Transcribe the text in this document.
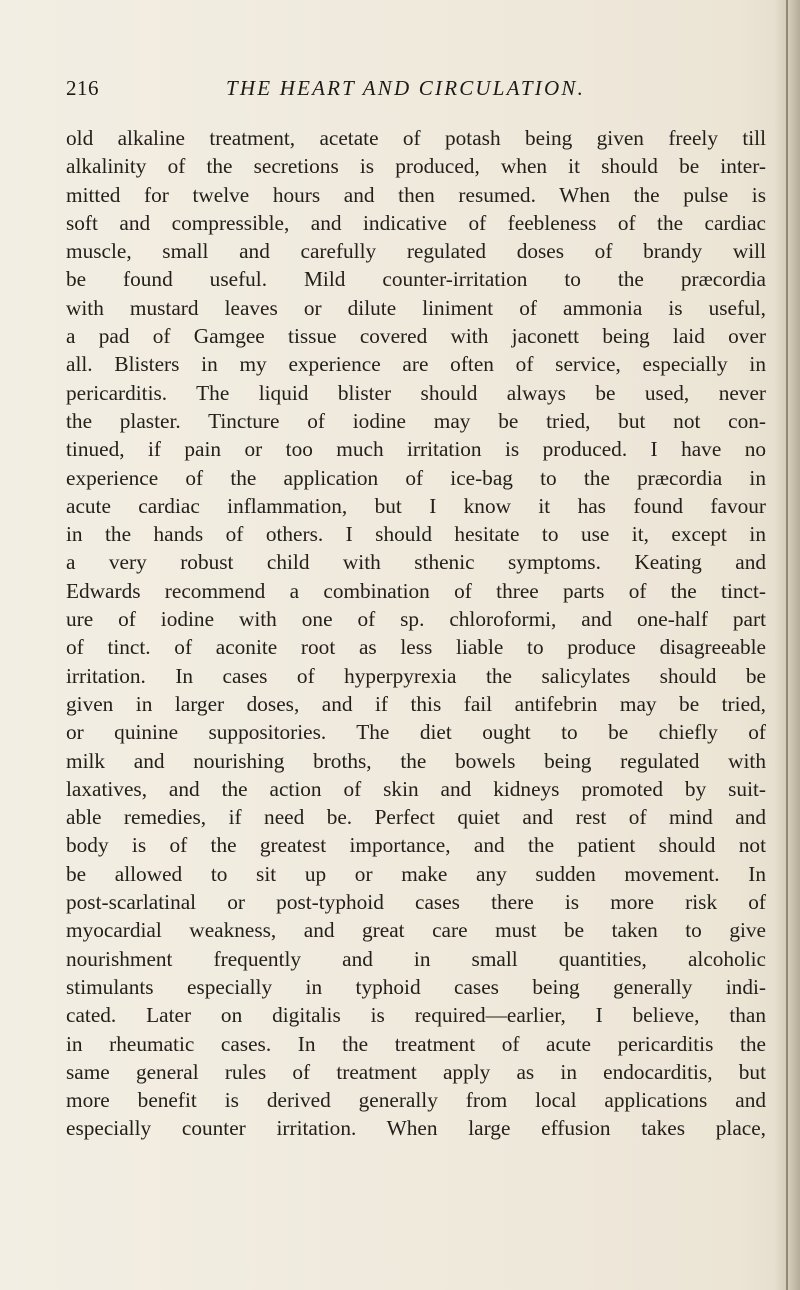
216	THE HEART AND CIRCULATION.
old alkaline treatment, acetate of potash being given freely till
alkalinity of the secretions is produced, when it should be inter-
mitted for twelve hours and then resumed. When the pulse is
soft and compressible, and indicative of feebleness of the cardiac
muscle, small and carefully regulated doses of brandy will
be found useful. Mild counter-irritation to the præcordia
with mustard leaves or dilute liniment of ammonia is useful,
a pad of Gamgee tissue covered with jaconett being laid over
all. Blisters in my experience are often of service, especially in
pericarditis. The liquid blister should always be used, never
the plaster. Tincture of iodine may be tried, but not con-
tinued, if pain or too much irritation is produced. I have no
experience of the application of ice-bag to the præcordia in
acute cardiac inflammation, but I know it has found favour
in the hands of others. I should hesitate to use it, except in
a very robust child with sthenic symptoms. Keating and
Edwards recommend a combination of three parts of the tinct-
ure of iodine with one of sp. chloroformi, and one-half part
of tinct. of aconite root as less liable to produce disagreeable
irritation. In cases of hyperpyrexia the salicylates should be
given in larger doses, and if this fail antifebrin may be tried,
or quinine suppositories. The diet ought to be chiefly of
milk and nourishing broths, the bowels being regulated with
laxatives, and the action of skin and kidneys promoted by suit-
able remedies, if need be. Perfect quiet and rest of mind and
body is of the greatest importance, and the patient should not
be allowed to sit up or make any sudden movement. In
post-scarlatinal or post-typhoid cases there is more risk of
myocardial weakness, and great care must be taken to give
nourishment frequently and in small quantities, alcoholic
stimulants especially in typhoid cases being generally indi-
cated. Later on digitalis is required—earlier, I believe, than
in rheumatic cases. In the treatment of acute pericarditis the
same general rules of treatment apply as in endocarditis, but
more benefit is derived generally from local applications and
especially counter irritation. When large effusion takes place,
